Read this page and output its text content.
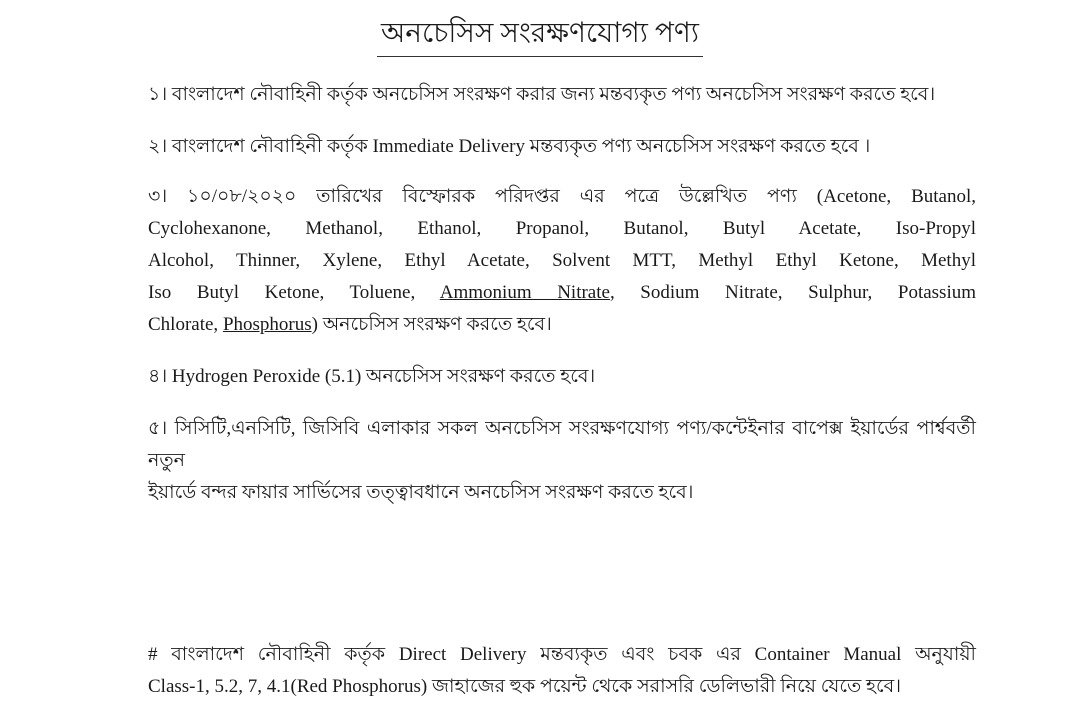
অনচেসিস সংরক্ষণযোগ্য পণ্য
১। বাংলাদেশ নৌবাহিনী কর্তৃক অনচেসিস সংরক্ষণ করার জন্য মন্তব্যকৃত পণ্য অনচেসিস সংরক্ষণ করতে হবে।
২। বাংলাদেশ নৌবাহিনী কর্তৃক Immediate Delivery মন্তব্যকৃত পণ্য অনচেসিস সংরক্ষণ করতে হবে ।
৩। ১০/০৮/২০২০ তারিখের বিস্ফোরক পরিদপ্তর এর পত্রে উল্লেখিত পণ্য (Acetone, Butanol,
Cyclohexanone, Methanol, Ethanol, Propanol, Butanol, Butyl Acetate, Iso-Propyl
Alcohol, Thinner, Xylene, Ethyl Acetate, Solvent MTT, Methyl Ethyl Ketone, Methyl
Iso Butyl Ketone, Toluene, Ammonium Nitrate, Sodium Nitrate, Sulphur, Potassium
Chlorate, Phosphorus) অনচেসিস সংরক্ষণ করতে হবে।
৪। Hydrogen Peroxide (5.1) অনচেসিস সংরক্ষণ করতে হবে।
৫। সিসিটি,এনসিটি, জিসিবি এলাকার সকল অনচেসিস সংরক্ষণযোগ্য পণ্য/কন্টেইনার বাপেক্স ইয়ার্ডের পার্শ্ববর্তী নতুন
ইয়ার্ডে বন্দর ফায়ার সার্ভিসের তত্ত্বাবধানে অনচেসিস সংরক্ষণ করতে হবে।
# বাংলাদেশ নৌবাহিনী কর্তৃক Direct Delivery মন্তব্যকৃত এবং চবক এর Container Manual অনুযায়ী
Class-1, 5.2, 7, 4.1(Red Phosphorus) জাহাজের হুক পয়েন্ট থেকে সরাসরি ডেলিভারী নিয়ে যেতে হবে।
